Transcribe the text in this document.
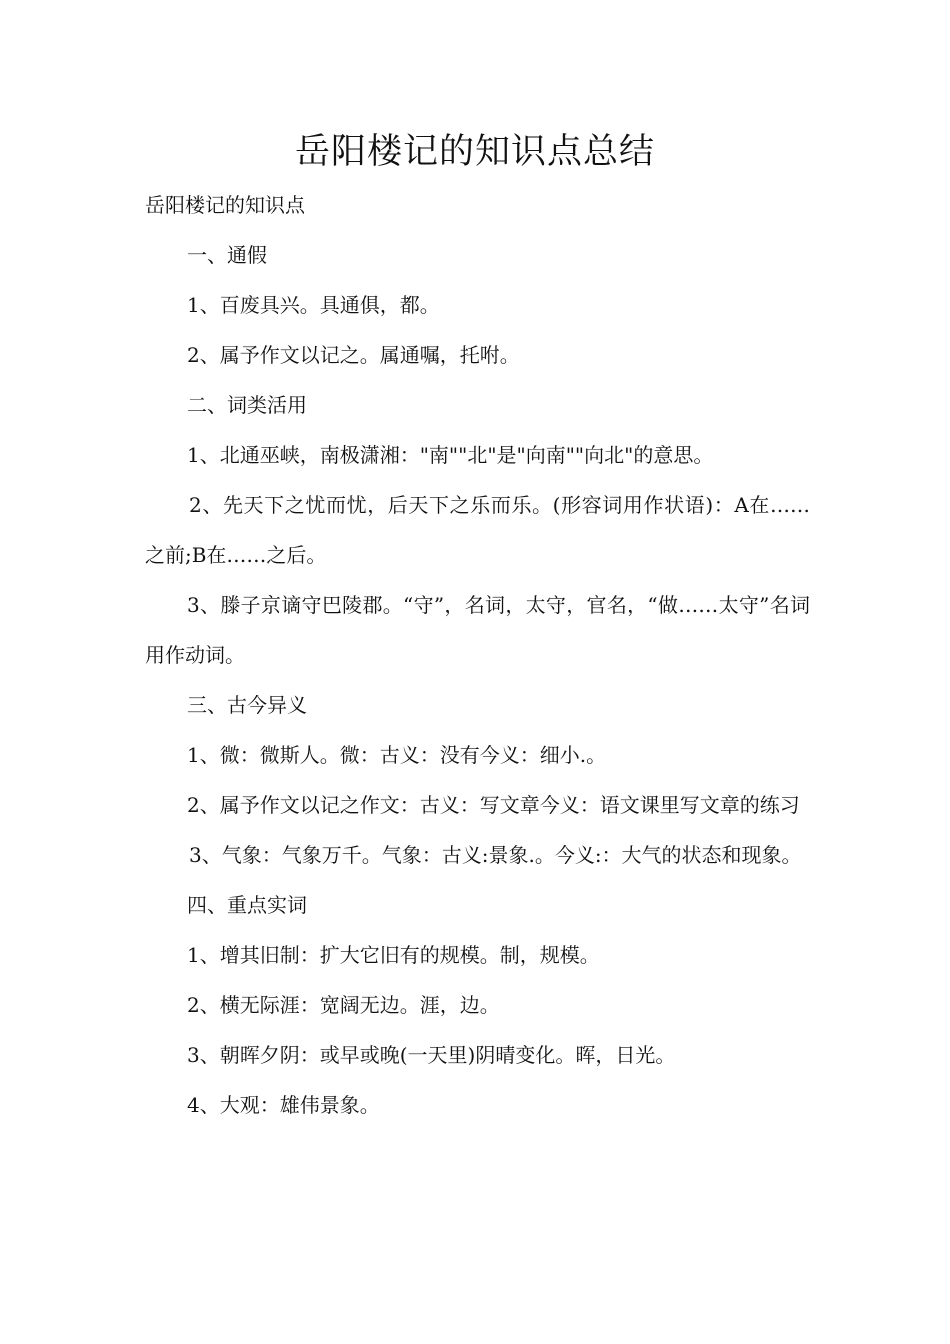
岳阳楼记的知识点总结

岳阳楼记的知识点

一、通假

1、百废具兴。具通俱，都。

2、属予作文以记之。属通嘱，托咐。

二、词类活用

1、北通巫峡，南极潇湘："南""北"是"向南""向北"的意思。

2、先天下之忧而忧，后天下之乐而乐。(形容词用作状语)：A在……之前;B在……之后。

3、滕子京谪守巴陵郡。“守”，名词，太守，官名，“做……太守”名词用作动词。

三、古今异义

1、微：微斯人。微：古义：没有今义：细小.。

2、属予作文以记之作文：古义：写文章今义：语文课里写文章的练习

3、气象：气象万千。气象：古义:景象.。今义:：大气的状态和现象。

四、重点实词

1、增其旧制：扩大它旧有的规模。制，规模。

2、横无际涯：宽阔无边。涯，边。

3、朝晖夕阴：或早或晚(一天里)阴晴变化。晖，日光。

4、大观：雄伟景象。
